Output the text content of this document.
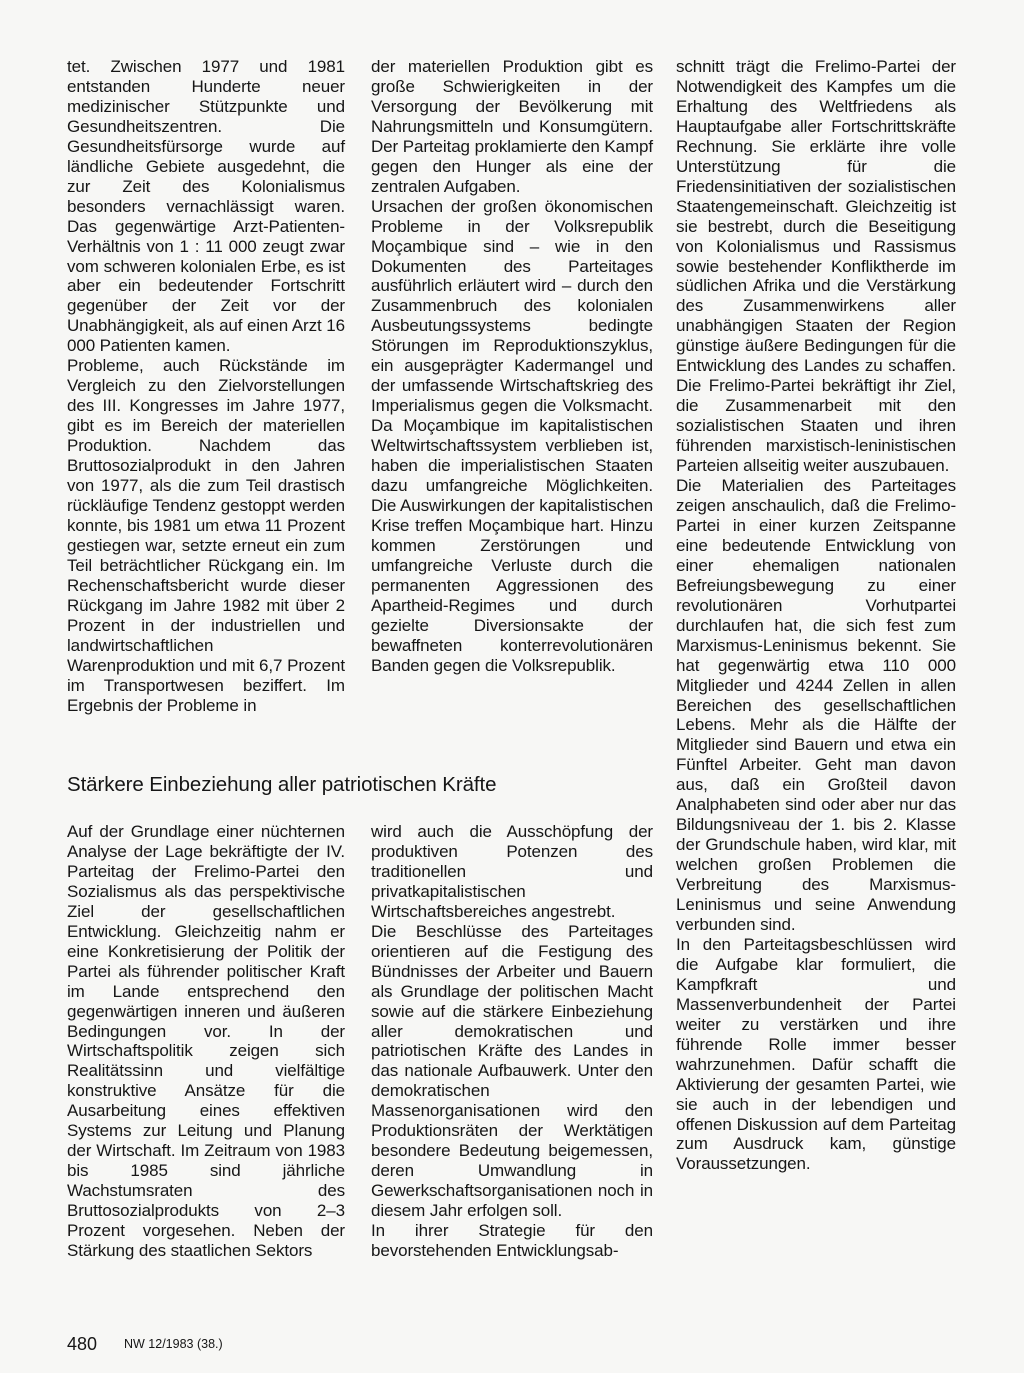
tet. Zwischen 1977 und 1981 entstanden Hunderte neuer medizinischer Stützpunkte und Gesundheitszentren. Die Gesundheitsfürsorge wurde auf ländliche Gebiete ausgedehnt, die zur Zeit des Kolonialismus besonders vernachlässigt waren. Das gegenwärtige Arzt-Patienten-Verhältnis von 1 : 11 000 zeugt zwar vom schweren kolonialen Erbe, es ist aber ein bedeutender Fortschritt gegenüber der Zeit vor der Unabhängigkeit, als auf einen Arzt 16 000 Patienten kamen.

Probleme, auch Rückstände im Vergleich zu den Zielvorstellungen des III. Kongresses im Jahre 1977, gibt es im Bereich der materiellen Produktion. Nachdem das Bruttosozialprodukt in den Jahren von 1977, als die zum Teil drastisch rückläufige Tendenz gestoppt werden konnte, bis 1981 um etwa 11 Prozent gestiegen war, setzte erneut ein zum Teil beträchtlicher Rückgang ein. Im Rechenschaftsbericht wurde dieser Rückgang im Jahre 1982 mit über 2 Prozent in der industriellen und landwirtschaftlichen Warenproduktion und mit 6,7 Prozent im Transportwesen beziffert. Im Ergebnis der Probleme in

der materiellen Produktion gibt es große Schwierigkeiten in der Versorgung der Bevölkerung mit Nahrungsmitteln und Konsumgütern. Der Parteitag proklamierte den Kampf gegen den Hunger als eine der zentralen Aufgaben.

Ursachen der großen ökonomischen Probleme in der Volksrepublik Moçambique sind – wie in den Dokumenten des Parteitages ausführlich erläutert wird – durch den Zusammenbruch des kolonialen Ausbeutungssystems bedingte Störungen im Reproduktionszyklus, ein ausgeprägter Kadermangel und der umfassende Wirtschaftskrieg des Imperialismus gegen die Volksmacht. Da Moçambique im kapitalistischen Weltwirtschaftssystem verblieben ist, haben die imperialistischen Staaten dazu umfangreiche Möglichkeiten. Die Auswirkungen der kapitalistischen Krise treffen Moçambique hart. Hinzu kommen Zerstörungen und umfangreiche Verluste durch die permanenten Aggressionen des Apartheid-Regimes und durch gezielte Diversionsakte der bewaffneten konterrevolutionären Banden gegen die Volksrepublik.

schnitt trägt die Frelimo-Partei der Notwendigkeit des Kampfes um die Erhaltung des Weltfriedens als Hauptaufgabe aller Fortschrittskräfte Rechnung. Sie erklärte ihre volle Unterstützung für die Friedensinitiativen der sozialistischen Staatengemeinschaft. Gleichzeitig ist sie bestrebt, durch die Beseitigung von Kolonialismus und Rassismus sowie bestehender Konfliktherde im südlichen Afrika und die Verstärkung des Zusammenwirkens aller unabhängigen Staaten der Region günstige äußere Bedingungen für die Entwicklung des Landes zu schaffen. Die Frelimo-Partei bekräftigt ihr Ziel, die Zusammenarbeit mit den sozialistischen Staaten und ihren führenden marxistisch-leninistischen Parteien allseitig weiter auszubauen.

Die Materialien des Parteitages zeigen anschaulich, daß die Frelimo-Partei in einer kurzen Zeitspanne eine bedeutende Entwicklung von einer ehemaligen nationalen Befreiungsbewegung zu einer revolutionären Vorhutpartei durchlaufen hat, die sich fest zum Marxismus-Leninismus bekennt. Sie hat gegenwärtig etwa 110 000 Mitglieder und 4244 Zellen in allen Bereichen des gesellschaftlichen Lebens. Mehr als die Hälfte der Mitglieder sind Bauern und etwa ein Fünftel Arbeiter. Geht man davon aus, daß ein Großteil davon Analphabeten sind oder aber nur das Bildungsniveau der 1. bis 2. Klasse der Grundschule haben, wird klar, mit welchen großen Problemen die Verbreitung des Marxismus-Leninismus und seine Anwendung verbunden sind.

In den Parteitagsbeschlüssen wird die Aufgabe klar formuliert, die Kampfkraft und Massenverbundenheit der Partei weiter zu verstärken und ihre führende Rolle immer besser wahrzunehmen. Dafür schafft die Aktivierung der gesamten Partei, wie sie auch in der lebendigen und offenen Diskussion auf dem Parteitag zum Ausdruck kam, günstige Voraussetzungen.

Stärkere Einbeziehung aller patriotischen Kräfte

Auf der Grundlage einer nüchternen Analyse der Lage bekräftigte der IV. Parteitag der Frelimo-Partei den Sozialismus als das perspektivische Ziel der gesellschaftlichen Entwicklung. Gleichzeitig nahm er eine Konkretisierung der Politik der Partei als führender politischer Kraft im Lande entsprechend den gegenwärtigen inneren und äußeren Bedingungen vor. In der Wirtschaftspolitik zeigen sich Realitätssinn und vielfältige konstruktive Ansätze für die Ausarbeitung eines effektiven Systems zur Leitung und Planung der Wirtschaft. Im Zeitraum von 1983 bis 1985 sind jährliche Wachstumsraten des Bruttosozialprodukts von 2–3 Prozent vorgesehen. Neben der Stärkung des staatlichen Sektors

wird auch die Ausschöpfung der produktiven Potenzen des traditionellen und privatkapitalistischen Wirtschaftsbereiches angestrebt.

Die Beschlüsse des Parteitages orientieren auf die Festigung des Bündnisses der Arbeiter und Bauern als Grundlage der politischen Macht sowie auf die stärkere Einbeziehung aller demokratischen und patriotischen Kräfte des Landes in das nationale Aufbauwerk. Unter den demokratischen Massenorganisationen wird den Produktionsräten der Werktätigen besondere Bedeutung beigemessen, deren Umwandlung in Gewerkschaftsorganisationen noch in diesem Jahr erfolgen soll.

In ihrer Strategie für den bevorstehenden Entwicklungsab-

480 NW 12/1983 (38.)
